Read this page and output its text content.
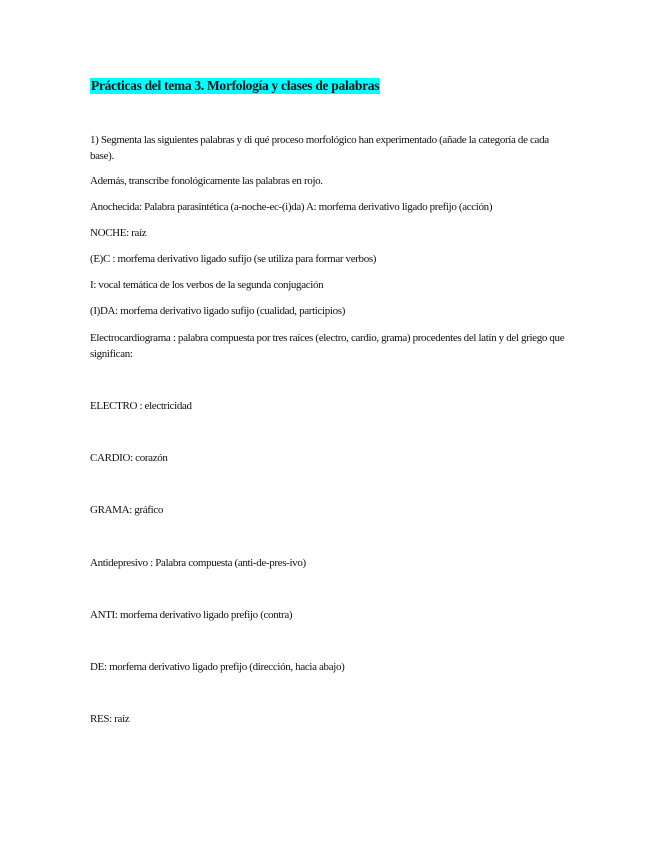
Prácticas del tema 3. Morfología y clases de palabras

1) Segmenta las siguientes palabras y di qué proceso morfológico han experimentado (añade la categoría de cada base).

Además, transcribe fonológicamente las palabras en rojo.

Anochecida: Palabra parasintética (a-noche-ec-(i)da) A: morfema derivativo ligado prefijo (acción)

NOCHE: raíz

(E)C : morfema derivativo ligado sufijo (se utiliza para formar verbos)

I: vocal temática de los verbos de la segunda conjugación

(I)DA: morfema derivativo ligado sufijo (cualidad, participios)

Electrocardiograma : palabra compuesta por tres raíces (electro, cardio, grama) procedentes del latín y del griego que significan:

ELECTRO : electricidad

CARDIO: corazón

GRAMA: gráfico

Antidepresivo : Palabra compuesta (anti-de-pres-ivo)

ANTI: morfema derivativo ligado prefijo (contra)

DE: morfema derivativo ligado prefijo (dirección, hacia abajo)

RES: raíz
